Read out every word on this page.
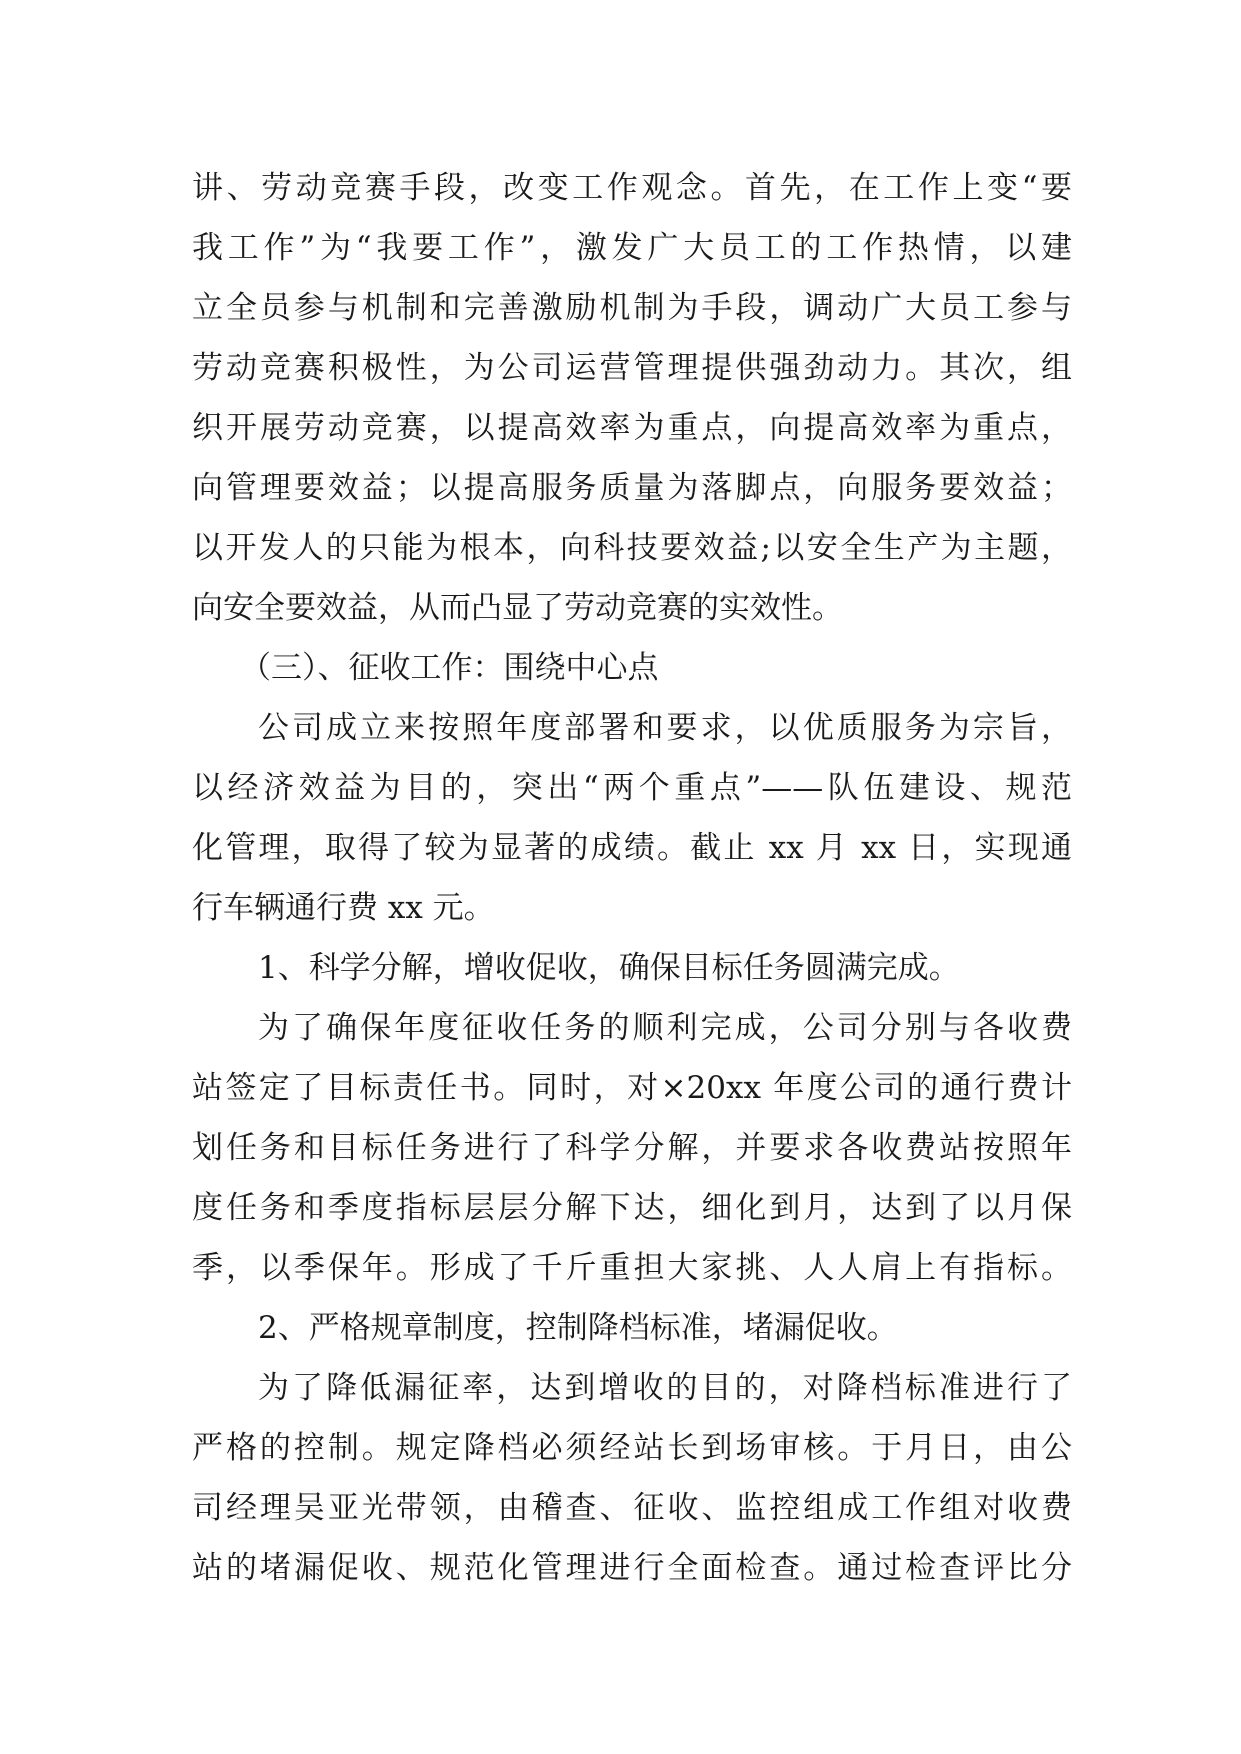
讲、劳动竞赛手段，改变工作观念。首先，在工作上变“要
我工作”为“我要工作”，激发广大员工的工作热情，以建
立全员参与机制和完善激励机制为手段，调动广大员工参与
劳动竞赛积极性，为公司运营管理提供强劲动力。其次，组
织开展劳动竞赛，以提高效率为重点，向提高效率为重点，
向管理要效益；以提高服务质量为落脚点，向服务要效益；
以开发人的只能为根本，向科技要效益;以安全生产为主题，
向安全要效益，从而凸显了劳动竞赛的实效性。
（三）、征收工作：围绕中心点
公司成立来按照年度部署和要求，以优质服务为宗旨，
以经济效益为目的，突出“两个重点”——队伍建设、规范
化管理，取得了较为显著的成绩。截止 xx 月 xx 日，实现通
行车辆通行费 xx 元。
1、科学分解，增收促收，确保目标任务圆满完成。
为了确保年度征收任务的顺利完成，公司分别与各收费
站签定了目标责任书。同时，对×20xx 年度公司的通行费计
划任务和目标任务进行了科学分解，并要求各收费站按照年
度任务和季度指标层层分解下达，细化到月，达到了以月保
季，以季保年。形成了千斤重担大家挑、人人肩上有指标。
2、严格规章制度，控制降档标准，堵漏促收。
为了降低漏征率，达到增收的目的，对降档标准进行了
严格的控制。规定降档必须经站长到场审核。于月日，由公
司经理吴亚光带领，由稽查、征收、监控组成工作组对收费
站的堵漏促收、规范化管理进行全面检查。通过检查评比分
